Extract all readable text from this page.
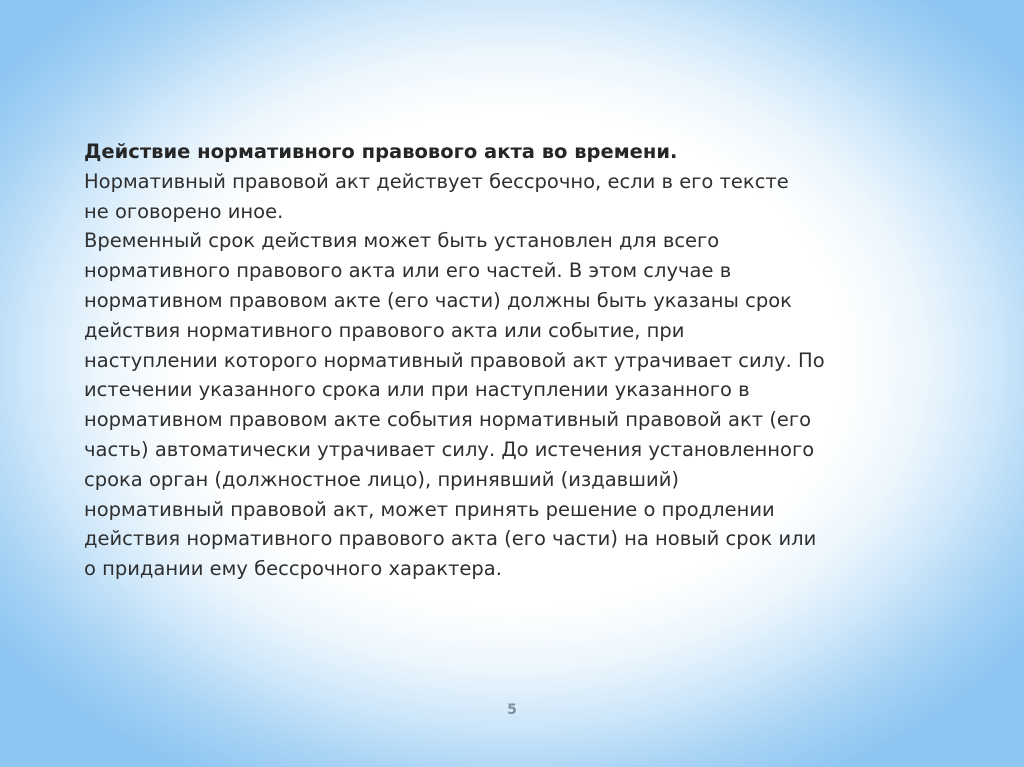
Действие нормативного правового акта во времени.
Нормативный правовой акт действует бессрочно, если в его тексте
не оговорено иное.
Временный срок действия может быть установлен для всего
нормативного правового акта или его частей. В этом случае в
нормативном правовом акте (его части) должны быть указаны срок
действия нормативного правового акта или событие, при
наступлении которого нормативный правовой акт утрачивает силу. По
истечении указанного срока или при наступлении указанного в
нормативном правовом акте события нормативный правовой акт (его
часть) автоматически утрачивает силу. До истечения установленного
срока орган (должностное лицо), принявший (издавший)
нормативный правовой акт, может принять решение о продлении
действия нормативного правового акта (его части) на новый срок или
о придании ему бессрочного характера.
5
